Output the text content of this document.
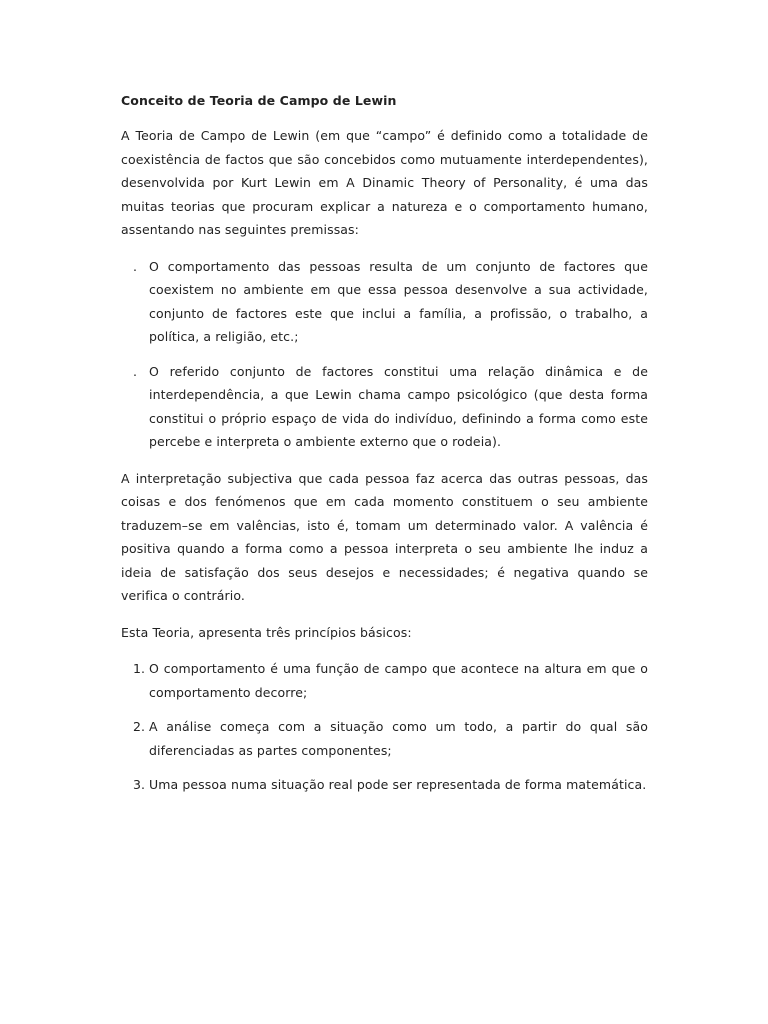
Conceito de Teoria de Campo de Lewin

A Teoria de Campo de Lewin (em que “campo” é definido como a totalidade de coexistência de factos que são concebidos como mutuamente interdependentes), desenvolvida por Kurt Lewin em A Dinamic Theory of Personality, é uma das muitas teorias que procuram explicar a natureza e o comportamento humano, assentando nas seguintes premissas:

. O comportamento das pessoas resulta de um conjunto de factores que coexistem no ambiente em que essa pessoa desenvolve a sua actividade, conjunto de factores este que inclui a família, a profissão, o trabalho, a política, a religião, etc.;
. O referido conjunto de factores constitui uma relação dinâmica e de interdependência, a que Lewin chama campo psicológico (que desta forma constitui o próprio espaço de vida do indivíduo, definindo a forma como este percebe e interpreta o ambiente externo que o rodeia).

A interpretação subjectiva que cada pessoa faz acerca das outras pessoas, das coisas e dos fenómenos que em cada momento constituem o seu ambiente traduzem–se em valências, isto é, tomam um determinado valor. A valência é positiva quando a forma como a pessoa interpreta o seu ambiente lhe induz a ideia de satisfação dos seus desejos e necessidades; é negativa quando se verifica o contrário.

Esta Teoria, apresenta três princípios básicos:

1. O comportamento é uma função de campo que acontece na altura em que o comportamento decorre;
2. A análise começa com a situação como um todo, a partir do qual são diferenciadas as partes componentes;
3. Uma pessoa numa situação real pode ser representada de forma matemática.
